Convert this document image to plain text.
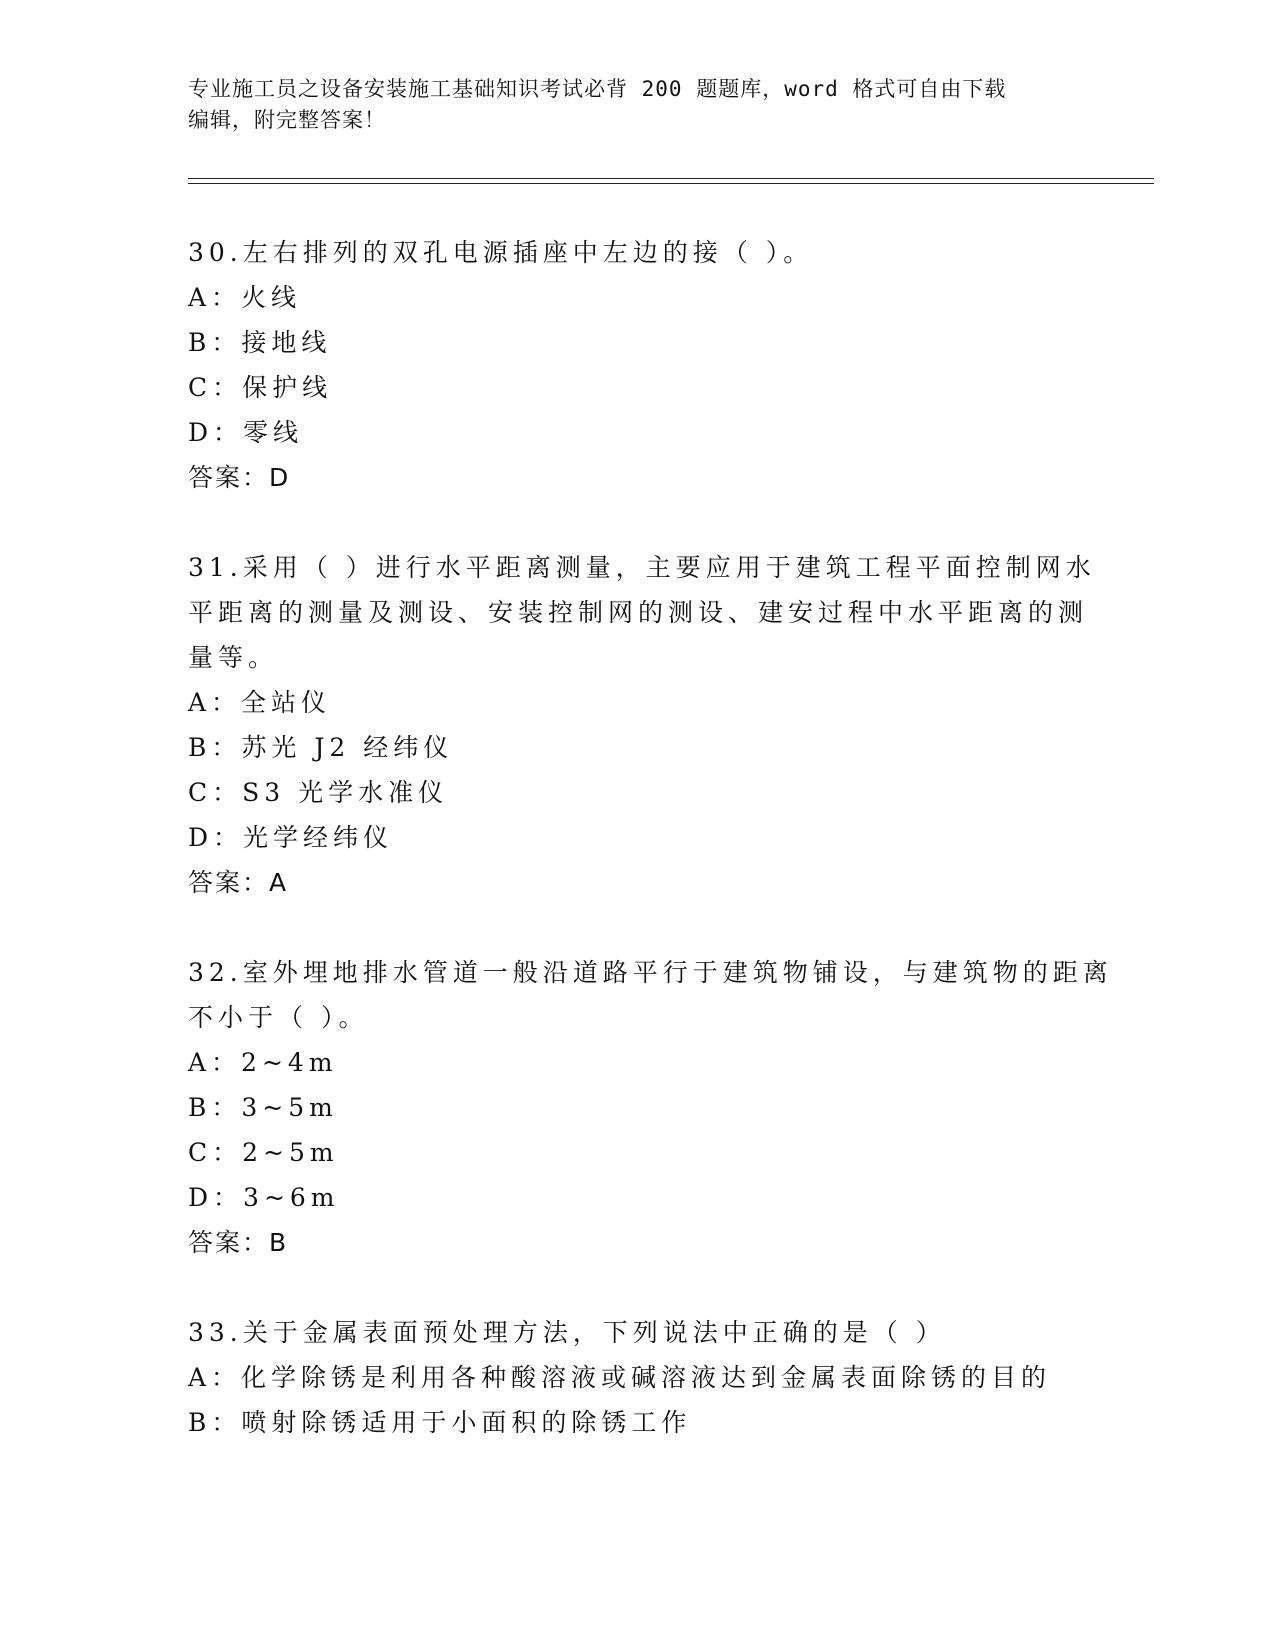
专业施工员之设备安装施工基础知识考试必背 200 题题库，word 格式可自由下载
编辑，附完整答案！
30.左右排列的双孔电源插座中左边的接（ ）。
A：火线
B：接地线
C：保护线
D：零线
答案：D
31.采用（ ）进行水平距离测量，主要应用于建筑工程平面控制网水
平距离的测量及测设、安装控制网的测设、建安过程中水平距离的测
量等。
A：全站仪
B：苏光 J2 经纬仪
C：S3 光学水准仪
D：光学经纬仪
答案：A
32.室外埋地排水管道一般沿道路平行于建筑物铺设，与建筑物的距离
不小于（ ）。
A：2~4m
B：3~5m
C：2~5m
D：3~6m
答案：B
33.关于金属表面预处理方法，下列说法中正确的是（ ）
A：化学除锈是利用各种酸溶液或碱溶液达到金属表面除锈的目的
B：喷射除锈适用于小面积的除锈工作
